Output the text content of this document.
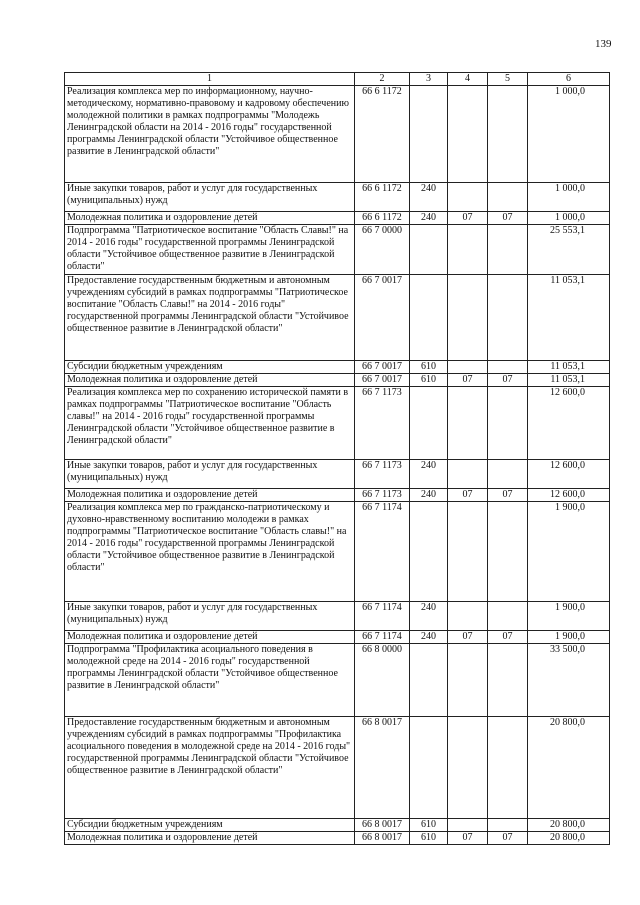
139
1	2	3	4	5	6
Реализация комплекса мер по информационному, научно-методическому, нормативно-правовому и кадровому обеспечению молодежной политики в рамках подпрограммы "Молодежь Ленинградской области на 2014 - 2016 годы" государственной программы Ленинградской области "Устойчивое общественное развитие в Ленинградской области"	66 6 1172				1 000,0
Иные закупки товаров, работ и услуг для государственных (муниципальных) нужд	66 6 1172	240			1 000,0
Молодежная политика и оздоровление детей	66 6 1172	240	07	07	1 000,0
Подпрограмма "Патриотическое воспитание "Область Славы!" на 2014 - 2016 годы" государственной программы Ленинградской области "Устойчивое общественное развитие в Ленинградской области"	66 7 0000				25 553,1
Предоставление государственным бюджетным и автономным учреждениям субсидий в рамках подпрограммы "Патриотическое воспитание "Область Славы!" на 2014 - 2016 годы" государственной программы Ленинградской области "Устойчивое общественное развитие в Ленинградской области"	66 7 0017				11 053,1
Субсидии бюджетным учреждениям	66 7 0017	610			11 053,1
Молодежная политика и оздоровление детей	66 7 0017	610	07	07	11 053,1
Реализация комплекса мер по сохранению исторической памяти в рамках подпрограммы "Патриотическое воспитание "Область славы!" на 2014 - 2016 годы" государственной программы Ленинградской области "Устойчивое общественное развитие в Ленинградской области"	66 7 1173				12 600,0
Иные закупки товаров, работ и услуг для государственных (муниципальных) нужд	66 7 1173	240			12 600,0
Молодежная политика и оздоровление детей	66 7 1173	240	07	07	12 600,0
Реализация комплекса мер по гражданско-патриотическому и духовно-нравственному воспитанию молодежи в рамках подпрограммы "Патриотическое воспитание "Область славы!" на 2014 - 2016 годы" государственной программы Ленинградской области "Устойчивое общественное развитие в Ленинградской области"	66 7 1174				1 900,0
Иные закупки товаров, работ и услуг для государственных (муниципальных) нужд	66 7 1174	240			1 900,0
Молодежная политика и оздоровление детей	66 7 1174	240	07	07	1 900,0
Подпрограмма "Профилактика асоциального поведения в молодежной среде на 2014 - 2016 годы" государственной программы Ленинградской области "Устойчивое общественное развитие в Ленинградской области"	66 8 0000				33 500,0
Предоставление государственным бюджетным и автономным учреждениям субсидий в рамках подпрограммы "Профилактика асоциального поведения в молодежной среде на 2014 - 2016 годы" государственной программы Ленинградской области "Устойчивое общественное развитие в Ленинградской области"	66 8 0017				20 800,0
Субсидии бюджетным учреждениям	66 8 0017	610			20 800,0
Молодежная политика и оздоровление детей	66 8 0017	610	07	07	20 800,0
